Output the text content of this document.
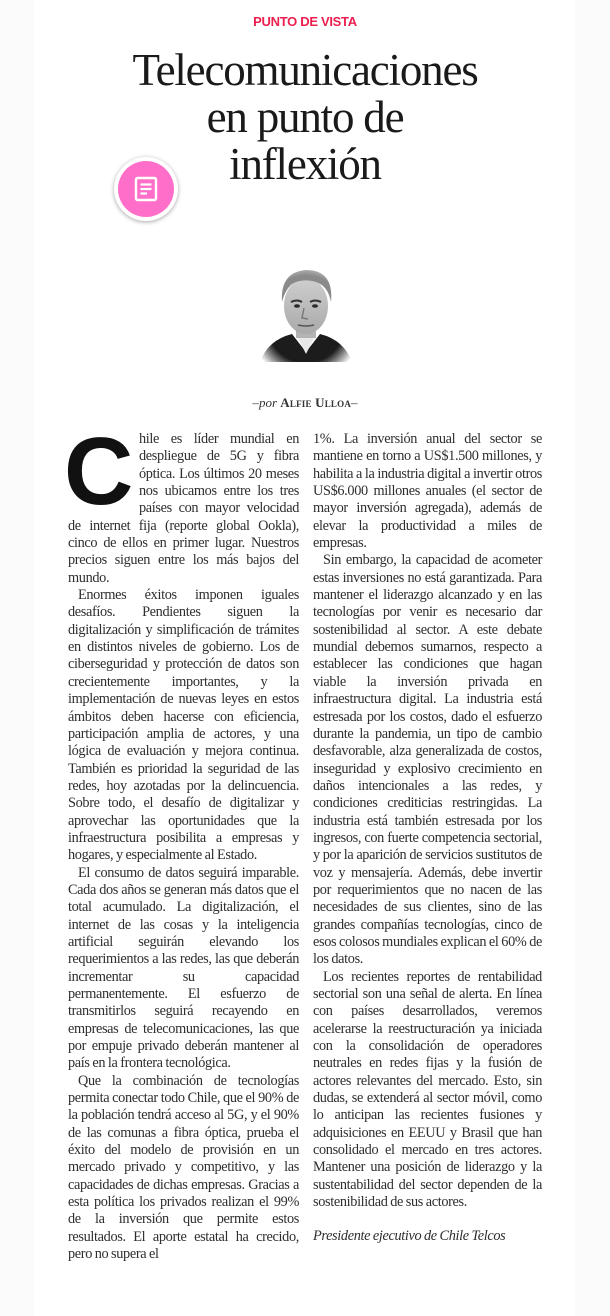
PUNTO DE VISTA
Telecomunicaciones
en punto de
inflexión
–por Alfie Ulloa–

Chile es líder mundial en despliegue de 5G y fibra óptica. Los últimos 20 meses nos ubicamos entre los tres países con mayor velocidad de internet fija (reporte global Ookla), cinco de ellos en primer lugar. Nuestros precios siguen entre los más bajos del mundo.

Enormes éxitos imponen iguales desafíos. Pendientes siguen la digitalización y simplificación de trámites en distintos niveles de gobierno. Los de ciberseguridad y protección de datos son crecientemente importantes, y la implementación de nuevas leyes en estos ámbitos deben hacerse con eficiencia, participación amplia de actores, y una lógica de evaluación y mejora continua. También es prioridad la seguridad de las redes, hoy azotadas por la delincuencia. Sobre todo, el desafío de digitalizar y aprovechar las oportunidades que la infraestructura posibilita a empresas y hogares, y especialmente al Estado.

El consumo de datos seguirá imparable. Cada dos años se generan más datos que el total acumulado. La digitalización, el internet de las cosas y la inteligencia artificial seguirán elevando los requerimientos a las redes, las que deberán incrementar su capacidad permanentemente. El esfuerzo de transmitirlos seguirá recayendo en empresas de telecomunicaciones, las que por empuje privado deberán mantener al país en la frontera tecnológica.

Que la combinación de tecnologías permita conectar todo Chile, que el 90% de la población tendrá acceso al 5G, y el 90% de las comunas a fibra óptica, prueba el éxito del modelo de provisión en un mercado privado y competitivo, y las capacidades de dichas empresas. Gracias a esta política los privados realizan el 99% de la inversión que permite estos resultados. El aporte estatal ha crecido, pero no supera el

1%. La inversión anual del sector se mantiene en torno a US$1.500 millones, y habilita a la industria digital a invertir otros US$6.000 millones anuales (el sector de mayor inversión agregada), además de elevar la productividad a miles de empresas.

Sin embargo, la capacidad de acometer estas inversiones no está garantizada. Para mantener el liderazgo alcanzado y en las tecnologías por venir es necesario dar sostenibilidad al sector. A este debate mundial debemos sumarnos, respecto a establecer las condiciones que hagan viable la inversión privada en infraestructura digital. La industria está estresada por los costos, dado el esfuerzo durante la pandemia, un tipo de cambio desfavorable, alza generalizada de costos, inseguridad y explosivo crecimiento en daños intencionales a las redes, y condiciones crediticias restringidas. La industria está también estresada por los ingresos, con fuerte competencia sectorial, y por la aparición de servicios sustitutos de voz y mensajería. Además, debe invertir por requerimientos que no nacen de las necesidades de sus clientes, sino de las grandes compañías tecnologías, cinco de esos colosos mundiales explican el 60% de los datos.

Los recientes reportes de rentabilidad sectorial son una señal de alerta. En línea con países desarrollados, veremos acelerarse la reestructuración ya iniciada con la consolidación de operadores neutrales en redes fijas y la fusión de actores relevantes del mercado. Esto, sin dudas, se extenderá al sector móvil, como lo anticipan las recientes fusiones y adquisiciones en EEUU y Brasil que han consolidado el mercado en tres actores. Mantener una posición de liderazgo y la sustentabilidad del sector dependen de la sostenibilidad de sus actores.

Presidente ejecutivo de Chile Telcos
